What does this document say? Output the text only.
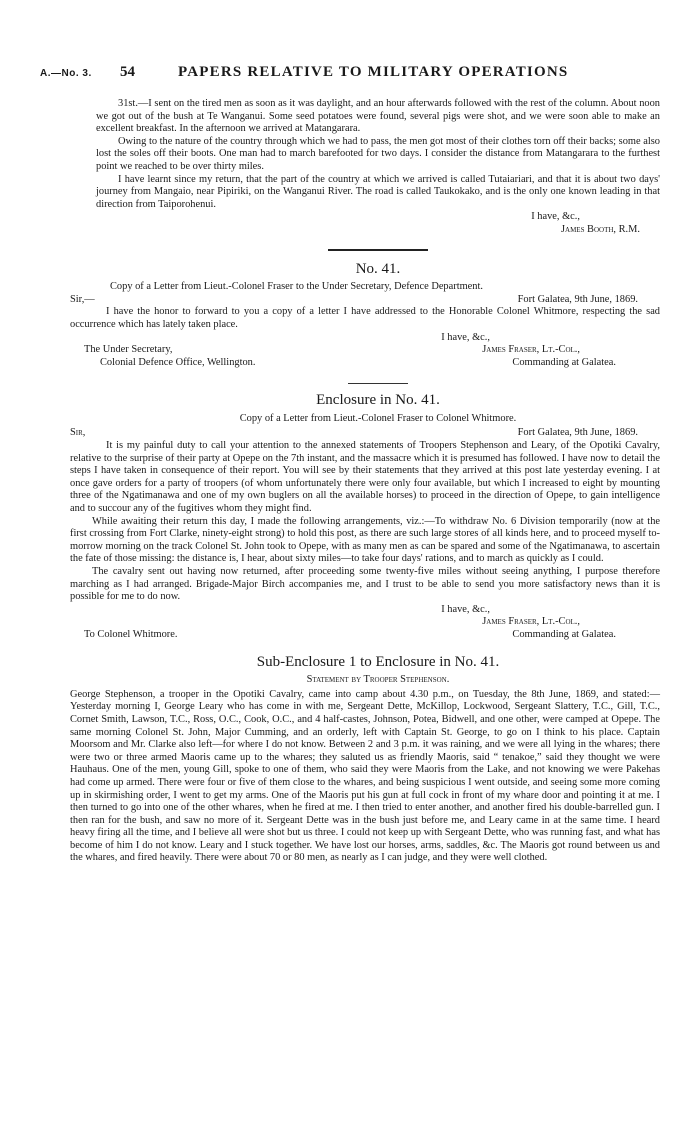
A.—No. 3. 54	PAPERS RELATIVE TO MILITARY OPERATIONS

31st.—I sent on the tired men as soon as it was daylight, and an hour afterwards followed with the rest of the column. About noon we got out of the bush at Te Wanganui. Some seed potatoes were found, several pigs were shot, and we were soon able to make an excellent breakfast. In the afternoon we arrived at Matangarara.

Owing to the nature of the country through which we had to pass, the men got most of their clothes torn off their backs; some also lost the soles off their boots. One man had to march barefooted for two days. I consider the distance from Matangarara to the furthest point we reached to be over thirty miles.

I have learnt since my return, that the part of the country at which we arrived is called Tutaiariari, and that it is about two days' journey from Mangaio, near Pipiriki, on the Wanganui River. The road is called Taukokako, and is the only one known leading in that direction from Taiporohenui.

I have, &c.,
James Booth, R.M.
No. 41.

Copy of a Letter from Lieut.-Colonel Fraser to the Under Secretary, Defence Department.

Sir,—	Fort Galatea, 9th June, 1869.

I have the honor to forward to you a copy of a letter I have addressed to the Honorable Colonel Whitmore, respecting the sad occurrence which has lately taken place.

I have, &c.,
The Under Secretary,	James Fraser, Lt.-Col.,
Colonial Defence Office, Wellington.	Commanding at Galatea.
Enclosure in No. 41.
Copy of a Letter from Lieut.-Colonel Fraser to Colonel Whitmore.
Sir,	Fort Galatea, 9th June, 1869.

It is my painful duty to call your attention to the annexed statements of Troopers Stephenson and Leary, of the Opotiki Cavalry, relative to the surprise of their party at Opepe on the 7th instant, and the massacre which it is presumed has followed. I have now to detail the steps I have taken in consequence of their report. You will see by their statements that they arrived at this post late yesterday evening. I at once gave orders for a party of troopers (of whom unfortunately there were only four available, but which I increased to eight by mounting three of the Ngatimanawa and one of my own buglers on all the available horses) to proceed in the direction of Opepe, to gain intelligence and to succour any of the fugitives whom they might find.

While awaiting their return this day, I made the following arrangements, viz.:—To withdraw No. 6 Division temporarily (now at the first crossing from Fort Clarke, ninety-eight strong) to hold this post, as there are such large stores of all kinds here, and to proceed myself to-morrow morning on the track Colonel St. John took to Opepe, with as many men as can be spared and some of the Ngatimanawa, to ascertain the fate of those missing: the distance is, I hear, about sixty miles—to take four days' rations, and to march as quickly as I could.

The cavalry sent out having now returned, after proceeding some twenty-five miles without seeing anything, I purpose therefore marching as I had arranged. Brigade-Major Birch accompanies me, and I trust to be able to send you more satisfactory news than it is possible for me to do now.

I have, &c.,
James Fraser, Lt.-Col.,
To Colonel Whitmore.	Commanding at Galatea.
Sub-Enclosure 1 to Enclosure in No. 41.
Statement by Trooper Stephenson.

George Stephenson, a trooper in the Opotiki Cavalry, came into camp about 4.30 p.m., on Tuesday, the 8th June, 1869, and stated:—Yesterday morning I, George Leary who has come in with me, Sergeant Dette, McKillop, Lockwood, Sergeant Slattery, T.C., Gill, T.C., Cornet Smith, Lawson, T.C., Ross, O.C., Cook, O.C., and 4 half-castes, Johnson, Potea, Bidwell, and one other, were camped at Opepe. The same morning Colonel St. John, Major Cumming, and an orderly, left with Captain St. George, to go on I think to his place. Captain Moorsom and Mr. Clarke also left—for where I do not know. Between 2 and 3 p.m. it was raining, and we were all lying in the whares; there were two or three armed Maoris came up to the whares; they saluted us as friendly Maoris, said “ tenakoe,” said they thought we were Hauhaus. One of the men, young Gill, spoke to one of them, who said they were Maoris from the Lake, and not knowing we were Pakehas had come up armed. There were four or five of them close to the whares, and being suspicious I went outside, and seeing some more coming up in skirmishing order, I went to get my arms. One of the Maoris put his gun at full cock in front of my whare door and pointing it at me. I then turned to go into one of the other whares, when he fired at me. I then tried to enter another, and another fired his double-barrelled gun. I then ran for the bush, and saw no more of it. Sergeant Dette was in the bush just before me, and Leary came in at the same time. I heard heavy firing all the time, and I believe all were shot but us three. I could not keep up with Sergeant Dette, who was running fast, and what has become of him I do not know. Leary and I stuck together. We have lost our horses, arms, saddles, &c. The Maoris got round between us and the whares, and fired heavily. There were about 70 or 80 men, as nearly as I can judge, and they were well clothed.
